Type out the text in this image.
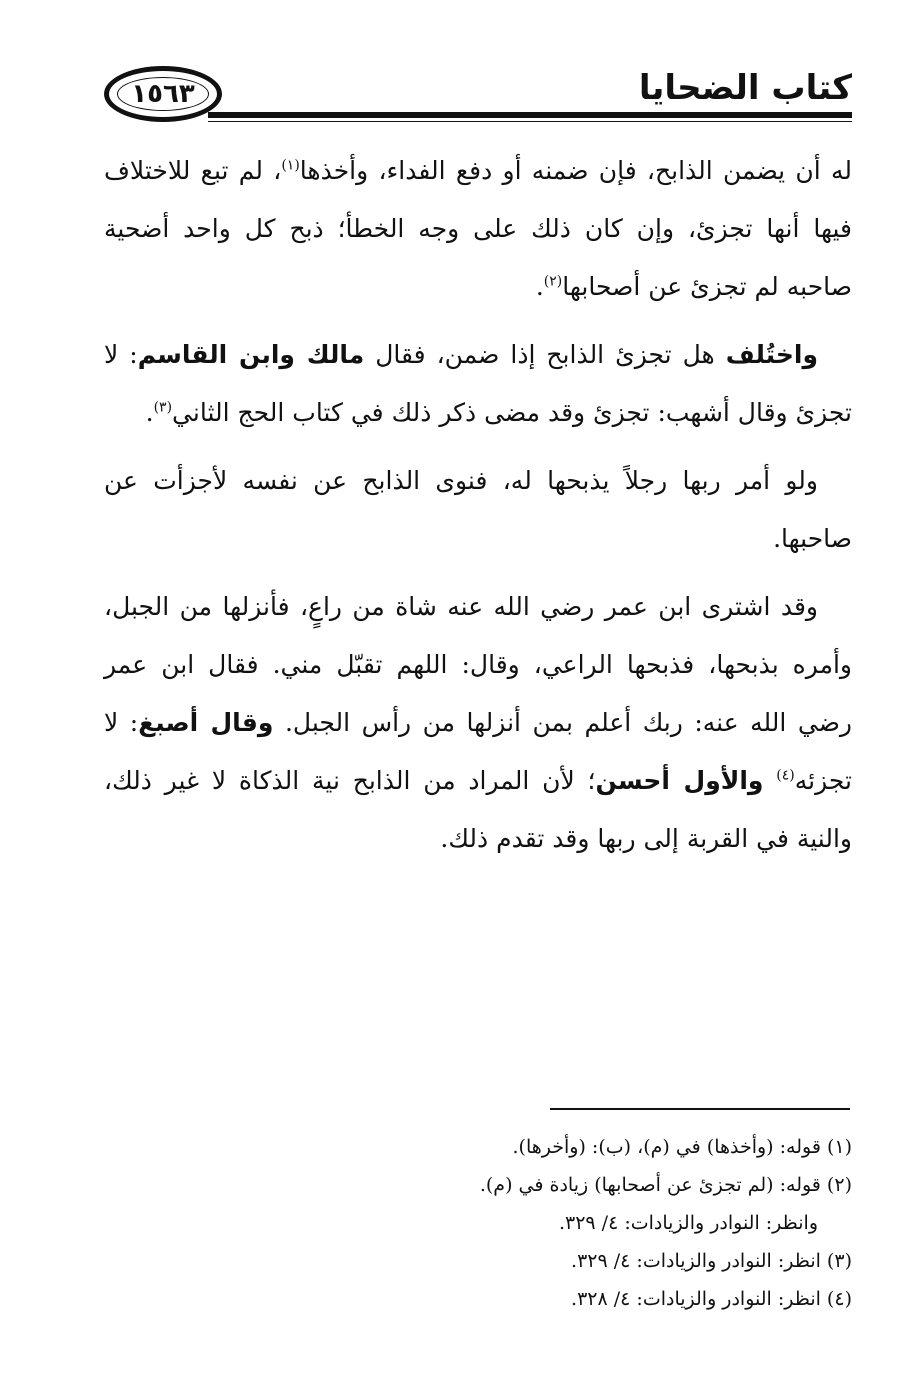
١٥٦٣	كتاب الضحايا

له أن يضمن الذابح، فإن ضمنه أو دفع الفداء، وأخذها$^{(١)}$، لم تبع للاختلاف فيها أنها تجزئ، وإن كان ذلك على وجه الخطأ؛ ذبح كل واحد أضحية صاحبه لم تجزئ عن أصحابها$^{(٢)}$.

واختُلف هل تجزئ الذابح إذا ضمن، فقال مالك وابن القاسم: لا تجزئ وقال أشهب: تجزئ وقد مضى ذكر ذلك في كتاب الحج الثاني$^{(٣)}$.

ولو أمر ربها رجلاً يذبحها له، فنوى الذابح عن نفسه لأجزأت عن صاحبها.

وقد اشترى ابن عمر رضي الله عنه شاة من راعٍ، فأنزلها من الجبل، وأمره بذبحها، فذبحها الراعي، وقال: اللهم تقبّل مني. فقال ابن عمر رضي الله عنه: ربك أعلم بمن أنزلها من رأس الجبل. وقال أصبغ: لا تجزئه$^{(٤)}$ والأول أحسن؛ لأن المراد من الذابح نية الذكاة لا غير ذلك، والنية في القربة إلى ربها وقد تقدم ذلك.

(١) قوله: (وأخذها) في (م)، (ب): (وأخرها).
(٢) قوله: (لم تجزئ عن أصحابها) زيادة في (م).
وانظر: النوادر والزيادات: ٤/ ٣٢٩.
(٣) انظر: النوادر والزيادات: ٤/ ٣٢٩.
(٤) انظر: النوادر والزيادات: ٤/ ٣٢٨.
